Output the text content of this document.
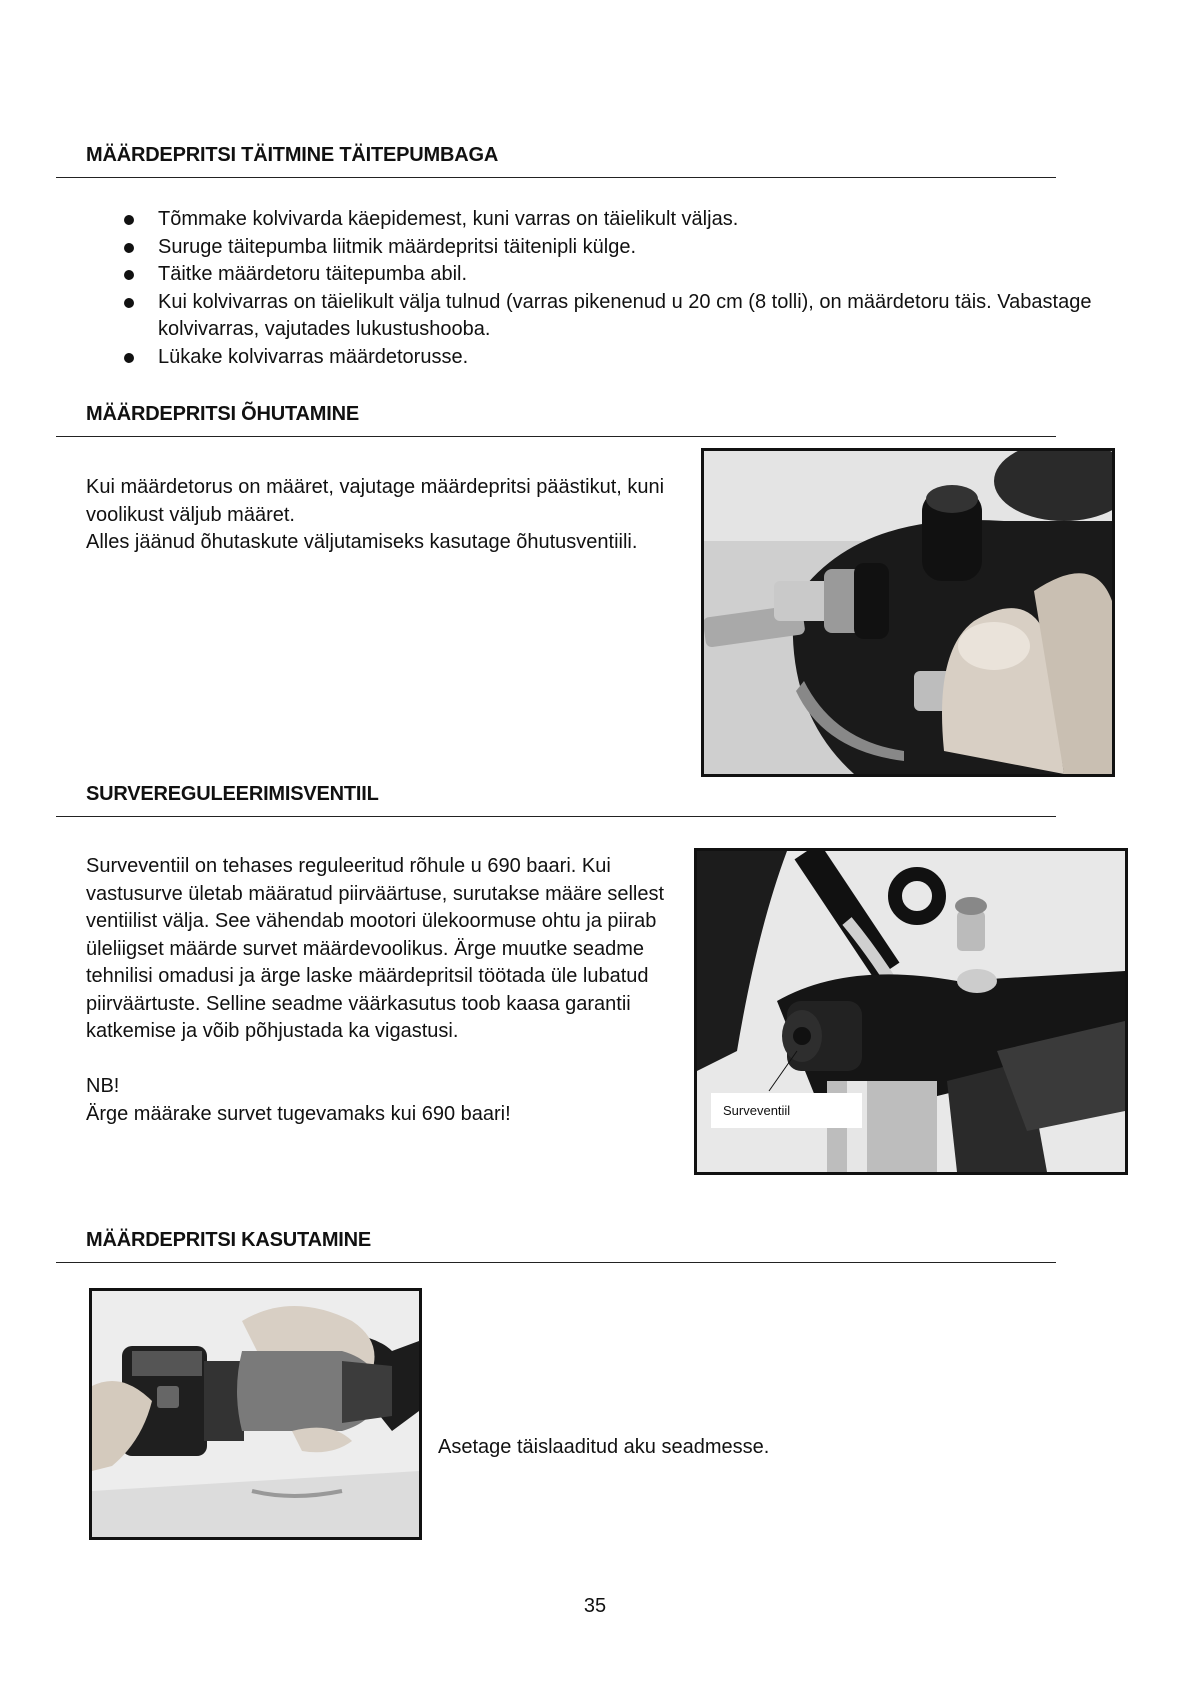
MÄÄRDEPRITSI TÄITMINE TÄITEPUMBAGA
Tõmmake kolvivarda käepidemest, kuni varras on täielikult väljas.
Suruge täitepumba liitmik määrdepritsi täitenipli külge.
Täitke määrdetoru täitepumba abil.
Kui kolvivarras on täielikult välja tulnud (varras pikenenud u 20 cm (8 tolli), on määrdetoru täis. Vabastage kolvivarras, vajutades lukustushooba.
Lükake kolvivarras määrdetorusse.
MÄÄRDEPRITSI ÕHUTAMINE

Kui määrdetorus on määret, vajutage määrdepritsi päästikut, kuni voolikust väljub määret.

Alles jäänud õhutaskute väljutamiseks kasutage õhutusventiili.

SURVEREGULEERIMISVENTIIL

Surveventiil on tehases reguleeritud rõhule u 690 baari. Kui vastusurve ületab määratud piirväärtuse, surutakse määre sellest ventiilist välja. See vähendab mootori ülekoormuse ohtu ja piirab üleliigset määrde survet määrdevoolikus. Ärge muutke seadme tehnilisi omadusi ja ärge laske määrdepritsil töötada üle lubatud piirväärtuste. Selline seadme väärkasutus toob kaasa garantii katkemise ja võib põhjustada ka vigastusi.

NB!

Ärge määrake survet tugevamaks kui 690 baari!	Surveventiil
MÄÄRDEPRITSI KASUTAMINE

Asetage täislaaditud aku seadmesse.

35
